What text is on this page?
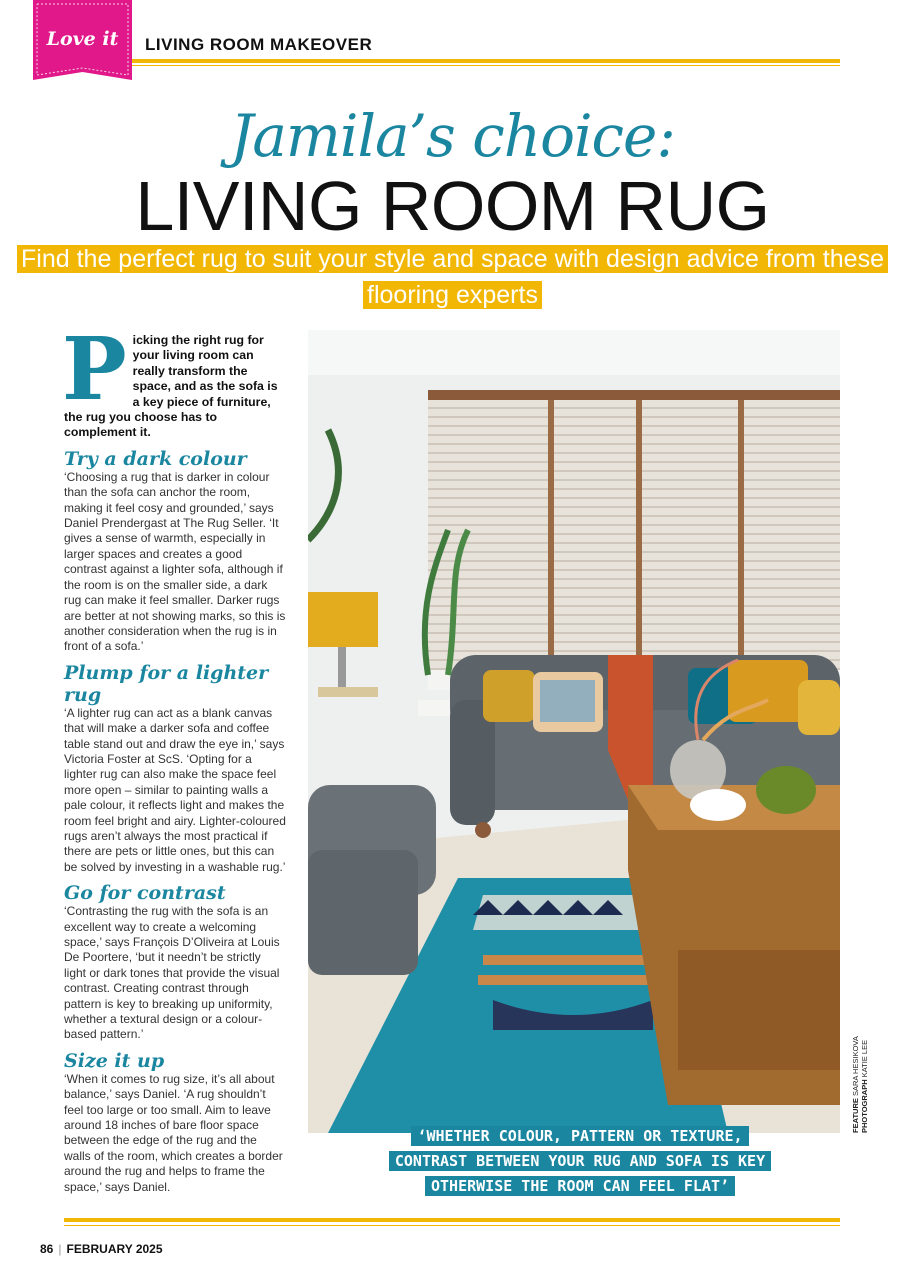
Love it	LIVING ROOM MAKEOVER
Jamila’s choice:
LIVING ROOM RUG
Find the perfect rug to suit your style and space with design advice from these flooring experts

Picking the right rug for your living room can really transform the space, and as the sofa is a key piece of furniture, the rug you choose has to complement it.

Try a dark colour

‘Choosing a rug that is darker in colour than the sofa can anchor the room, making it feel cosy and grounded,’ says Daniel Prendergast at The Rug Seller. ‘It gives a sense of warmth, especially in larger spaces and creates a good contrast against a lighter sofa, although if the room is on the smaller side, a dark rug can make it feel smaller. Darker rugs are better at not showing marks, so this is another consideration when the rug is in front of a sofa.’

Plump for a lighter rug

‘A lighter rug can act as a blank canvas that will make a darker sofa and coffee table stand out and draw the eye in,’ says Victoria Foster at ScS. ‘Opting for a lighter rug can also make the space feel more open – similar to painting walls a pale colour, it reflects light and makes the room feel bright and airy. Lighter-coloured rugs aren’t always the most practical if there are pets or little ones, but this can be solved by investing in a washable rug.’

Go for contrast

‘Contrasting the rug with the sofa is an excellent way to create a welcoming space,’ says François D’Oliveira at Louis De Poortere, ‘but it needn’t be strictly light or dark tones that provide the visual contrast. Creating contrast through pattern is key to breaking up uniformity, whether a textural design or a colour-based pattern.’

Size it up

‘When it comes to rug size, it’s all about balance,’ says Daniel. ‘A rug shouldn’t feel too large or too small. Aim to leave around 18 inches of bare floor space between the edge of the rug and the walls of the room, which creates a border around the rug and helps to frame the space,’ says Daniel.

FEATURE SARA HESIKOVA
PHOTOGRAPH KATIE LEE
‘WHETHER COLOUR, PATTERN OR TEXTURE,
CONTRAST BETWEEN YOUR RUG AND SOFA IS KEY
OTHERWISE THE ROOM CAN FEEL FLAT’
86 | FEBRUARY 2025
